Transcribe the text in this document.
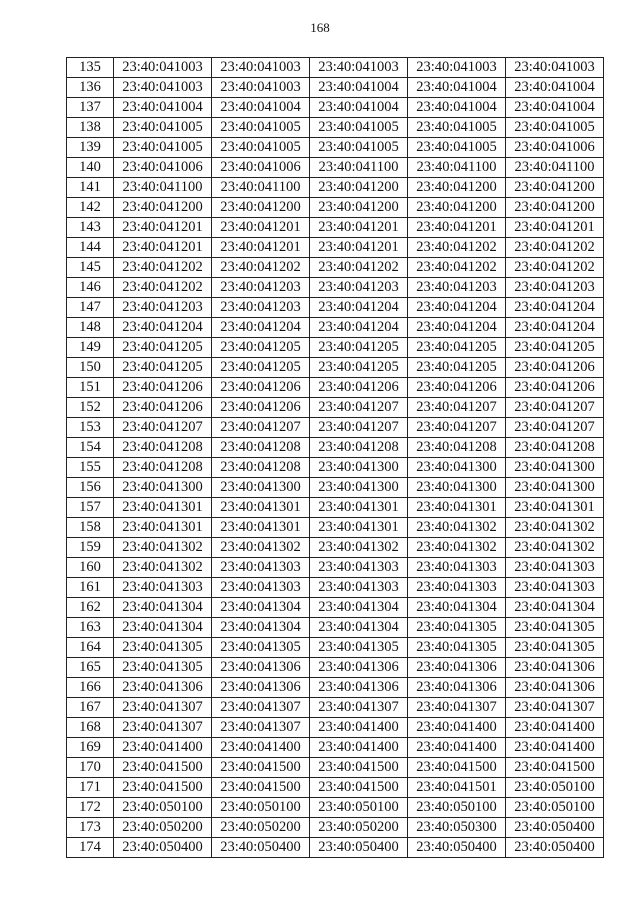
168
135	23:40:041003	23:40:041003	23:40:041003	23:40:041003	23:40:041003
136	23:40:041003	23:40:041003	23:40:041004	23:40:041004	23:40:041004
137	23:40:041004	23:40:041004	23:40:041004	23:40:041004	23:40:041004
138	23:40:041005	23:40:041005	23:40:041005	23:40:041005	23:40:041005
139	23:40:041005	23:40:041005	23:40:041005	23:40:041005	23:40:041006
140	23:40:041006	23:40:041006	23:40:041100	23:40:041100	23:40:041100
141	23:40:041100	23:40:041100	23:40:041200	23:40:041200	23:40:041200
142	23:40:041200	23:40:041200	23:40:041200	23:40:041200	23:40:041200
143	23:40:041201	23:40:041201	23:40:041201	23:40:041201	23:40:041201
144	23:40:041201	23:40:041201	23:40:041201	23:40:041202	23:40:041202
145	23:40:041202	23:40:041202	23:40:041202	23:40:041202	23:40:041202
146	23:40:041202	23:40:041203	23:40:041203	23:40:041203	23:40:041203
147	23:40:041203	23:40:041203	23:40:041204	23:40:041204	23:40:041204
148	23:40:041204	23:40:041204	23:40:041204	23:40:041204	23:40:041204
149	23:40:041205	23:40:041205	23:40:041205	23:40:041205	23:40:041205
150	23:40:041205	23:40:041205	23:40:041205	23:40:041205	23:40:041206
151	23:40:041206	23:40:041206	23:40:041206	23:40:041206	23:40:041206
152	23:40:041206	23:40:041206	23:40:041207	23:40:041207	23:40:041207
153	23:40:041207	23:40:041207	23:40:041207	23:40:041207	23:40:041207
154	23:40:041208	23:40:041208	23:40:041208	23:40:041208	23:40:041208
155	23:40:041208	23:40:041208	23:40:041300	23:40:041300	23:40:041300
156	23:40:041300	23:40:041300	23:40:041300	23:40:041300	23:40:041300
157	23:40:041301	23:40:041301	23:40:041301	23:40:041301	23:40:041301
158	23:40:041301	23:40:041301	23:40:041301	23:40:041302	23:40:041302
159	23:40:041302	23:40:041302	23:40:041302	23:40:041302	23:40:041302
160	23:40:041302	23:40:041303	23:40:041303	23:40:041303	23:40:041303
161	23:40:041303	23:40:041303	23:40:041303	23:40:041303	23:40:041303
162	23:40:041304	23:40:041304	23:40:041304	23:40:041304	23:40:041304
163	23:40:041304	23:40:041304	23:40:041304	23:40:041305	23:40:041305
164	23:40:041305	23:40:041305	23:40:041305	23:40:041305	23:40:041305
165	23:40:041305	23:40:041306	23:40:041306	23:40:041306	23:40:041306
166	23:40:041306	23:40:041306	23:40:041306	23:40:041306	23:40:041306
167	23:40:041307	23:40:041307	23:40:041307	23:40:041307	23:40:041307
168	23:40:041307	23:40:041307	23:40:041400	23:40:041400	23:40:041400
169	23:40:041400	23:40:041400	23:40:041400	23:40:041400	23:40:041400
170	23:40:041500	23:40:041500	23:40:041500	23:40:041500	23:40:041500
171	23:40:041500	23:40:041500	23:40:041500	23:40:041501	23:40:050100
172	23:40:050100	23:40:050100	23:40:050100	23:40:050100	23:40:050100
173	23:40:050200	23:40:050200	23:40:050200	23:40:050300	23:40:050400
174	23:40:050400	23:40:050400	23:40:050400	23:40:050400	23:40:050400
